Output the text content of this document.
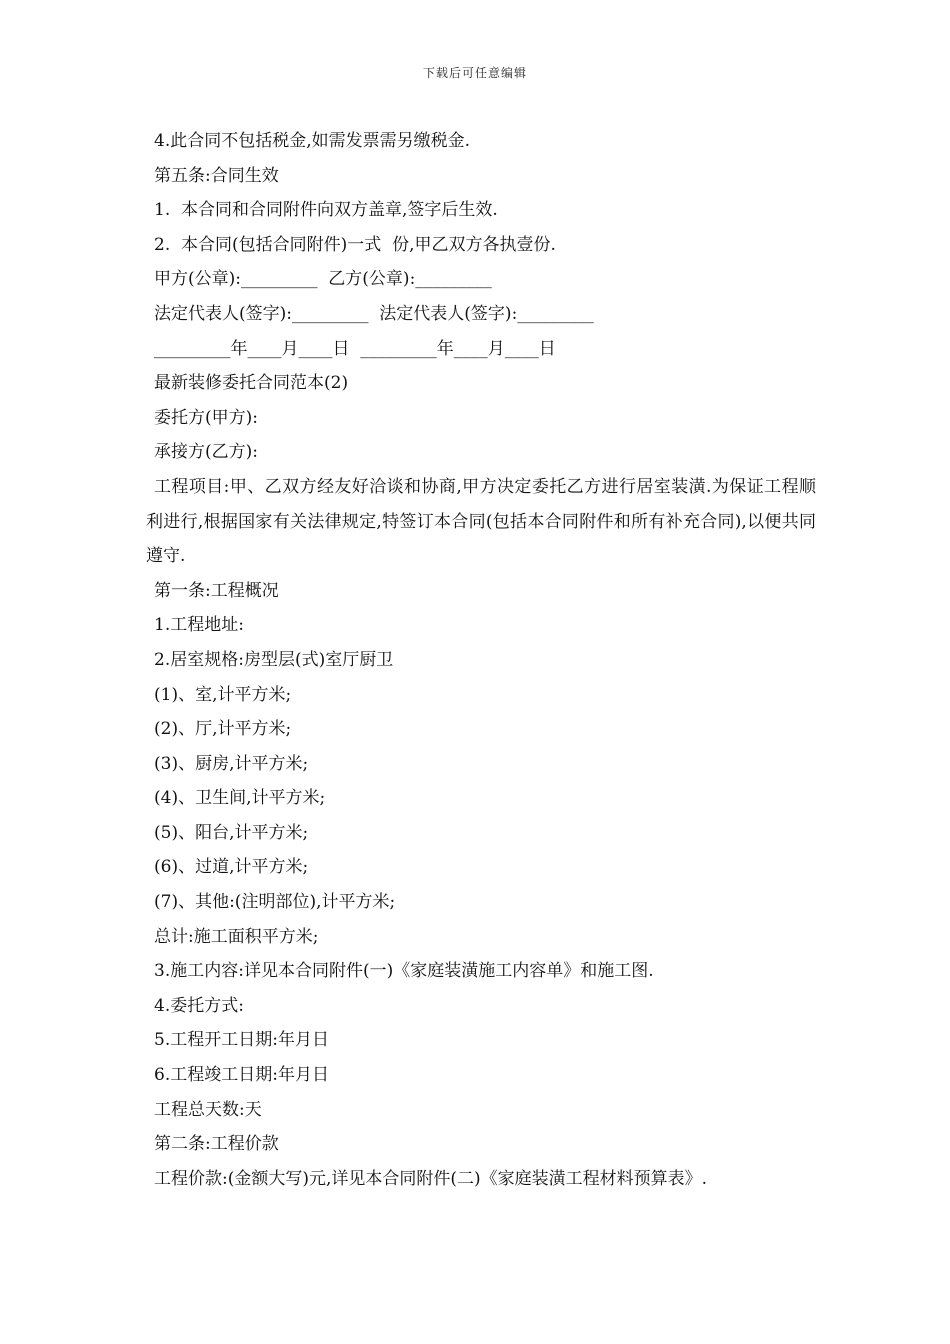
下载后可任意编辑
4.此合同不包括税金,如需发票需另缴税金.
第五条:合同生效
1.  本合同和合同附件向双方盖章,签字后生效.
2.  本合同(包括合同附件)一式  份,甲乙双方各执壹份.
甲方(公章):_________  乙方(公章):_________
法定代表人(签字):_________  法定代表人(签字):_________
_________年____月____日  _________年____月____日
最新装修委托合同范本(2)
委托方(甲方):
承接方(乙方):

工程项目:甲、乙双方经友好洽谈和协商,甲方决定委托乙方进行居室装潢.为保证工程顺利进行,根据国家有关法律规定,特签订本合同(包括本合同附件和所有补充合同),以便共同遵守.

第一条:工程概况
1.工程地址:
2.居室规格:房型层(式)室厅厨卫
(1)、室,计平方米;
(2)、厅,计平方米;
(3)、厨房,计平方米;
(4)、卫生间,计平方米;
(5)、阳台,计平方米;
(6)、过道,计平方米;
(7)、其他:(注明部位),计平方米;
总计:施工面积平方米;
3.施工内容:详见本合同附件(一)《家庭装潢施工内容单》和施工图.
4.委托方式:
5.工程开工日期:年月日
6.工程竣工日期:年月日
工程总天数:天
第二条:工程价款
工程价款:(金额大写)元,详见本合同附件(二)《家庭装潢工程材料预算表》.
